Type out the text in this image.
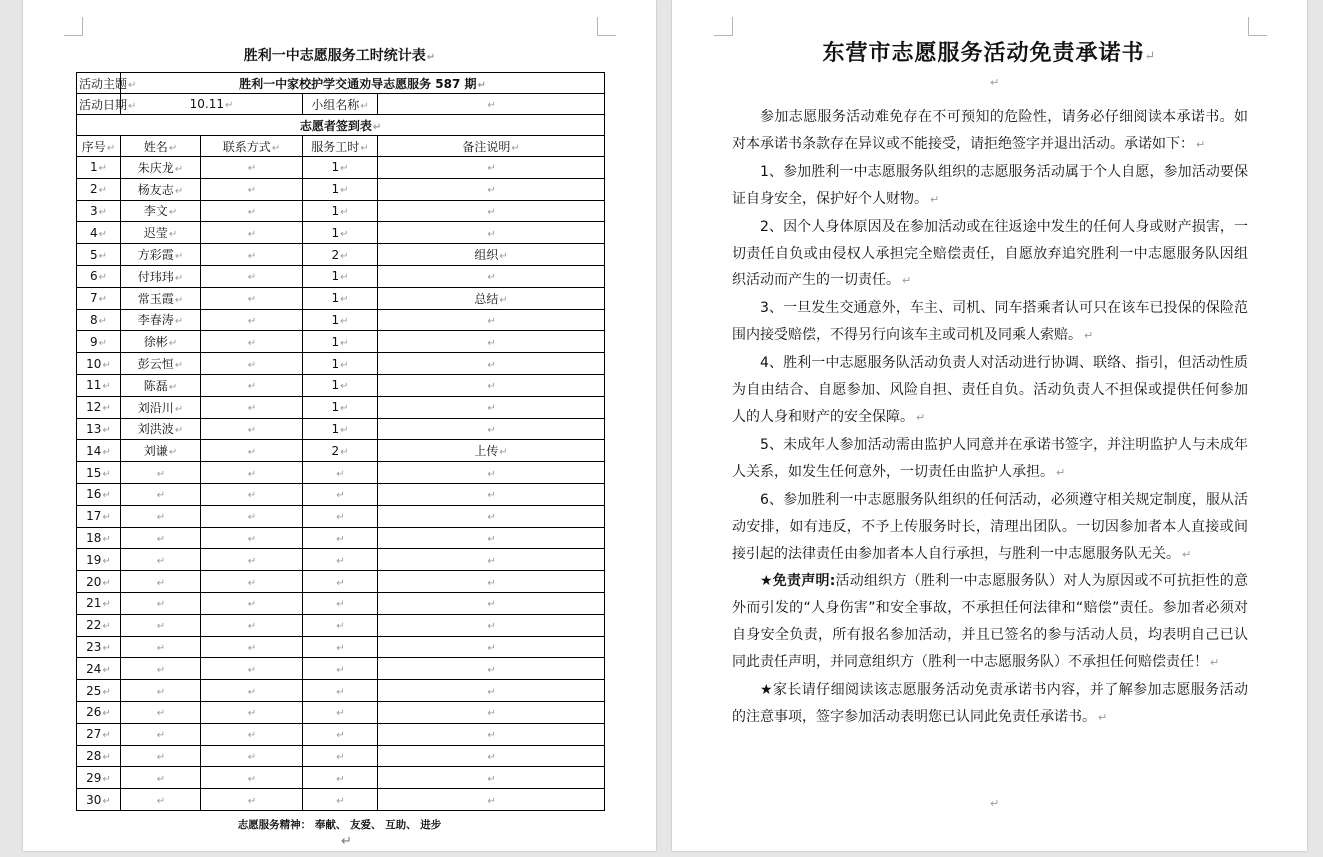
胜利一中志愿服务工时统计表↵
活动主题↵	胜利一中家校护学交通劝导志愿服务 587 期↵			
活动日期↵	10.11↵		小组名称↵	↵
志愿者签到表↵				
序号↵	姓名↵	联系方式↵	服务工时↵	备注说明↵
1↵	朱庆龙↵	↵	1↵	↵
2↵	杨友志↵	↵	1↵	↵
3↵	李文↵	↵	1↵	↵
4↵	迟莹↵	↵	1↵	↵
5↵	方彩霞↵	↵	2↵	组织↵
6↵	付玮玮↵	↵	1↵	↵
7↵	常玉霞↵	↵	1↵	总结↵
8↵	李春涛↵	↵	1↵	↵
9↵	徐彬↵	↵	1↵	↵
10↵	彭云恒↵	↵	1↵	↵
11↵	陈磊↵	↵	1↵	↵
12↵	刘沿川↵	↵	1↵	↵
13↵	刘洪波↵	↵	1↵	↵
14↵	刘谦↵	↵	2↵	上传↵
15↵	↵	↵	↵	↵
16↵	↵	↵	↵	↵
17↵	↵	↵	↵	↵
18↵	↵	↵	↵	↵
19↵	↵	↵	↵	↵
20↵	↵	↵	↵	↵
21↵	↵	↵	↵	↵
22↵	↵	↵	↵	↵
23↵	↵	↵	↵	↵
24↵	↵	↵	↵	↵
25↵	↵	↵	↵	↵
26↵	↵	↵	↵	↵
27↵	↵	↵	↵	↵
28↵	↵	↵	↵	↵
29↵	↵	↵	↵	↵
30↵	↵	↵	↵	↵
志愿服务精神： 奉献、 友爱、 互助、 进步
↵
东营市志愿服务活动免责承诺书↵
↵

参加志愿服务活动难免存在不可预知的危险性，请务必仔细阅读本承诺书。如对本承诺书条款存在异议或不能接受，请拒绝签字并退出活动。承诺如下： ↵

1、参加胜利一中志愿服务队组织的志愿服务活动属于个人自愿，参加活动要保证自身安全，保护好个人财物。 ↵

2、因个人身体原因及在参加活动或在往返途中发生的任何人身或财产损害，一切责任自负或由侵权人承担完全赔偿责任，自愿放弃追究胜利一中志愿服务队因组织活动而产生的一切责任。 ↵

3、一旦发生交通意外，车主、司机、同车搭乘者认可只在该车已投保的保险范围内接受赔偿，不得另行向该车主或司机及同乘人索赔。 ↵

4、胜利一中志愿服务队活动负责人对活动进行协调、联络、指引，但活动性质为自由结合、自愿参加、风险自担、责任自负。活动负责人不担保或提供任何参加人的人身和财产的安全保障。 ↵

5、未成年人参加活动需由监护人同意并在承诺书签字，并注明监护人与未成年人关系，如发生任何意外，一切责任由监护人承担。 ↵

6、参加胜利一中志愿服务队组织的任何活动，必须遵守相关规定制度，服从活动安排，如有违反，不予上传服务时长，清理出团队。一切因参加者本人直接或间接引起的法律责任由参加者本人自行承担，与胜利一中志愿服务队无关。 ↵

★免责声明:活动组织方（胜利一中志愿服务队）对人为原因或不可抗拒性的意外而引发的“人身伤害”和安全事故，不承担任何法律和“赔偿”责任。参加者必须对自身安全负责，所有报名参加活动，并且已签名的参与活动人员，均表明自己已认同此责任声明，并同意组织方（胜利一中志愿服务队）不承担任何赔偿责任！ ↵

★家长请仔细阅读该志愿服务活动免责承诺书内容，并了解参加志愿服务活动的注意事项，签字参加活动表明您已认同此免责任承诺书。 ↵

↵
